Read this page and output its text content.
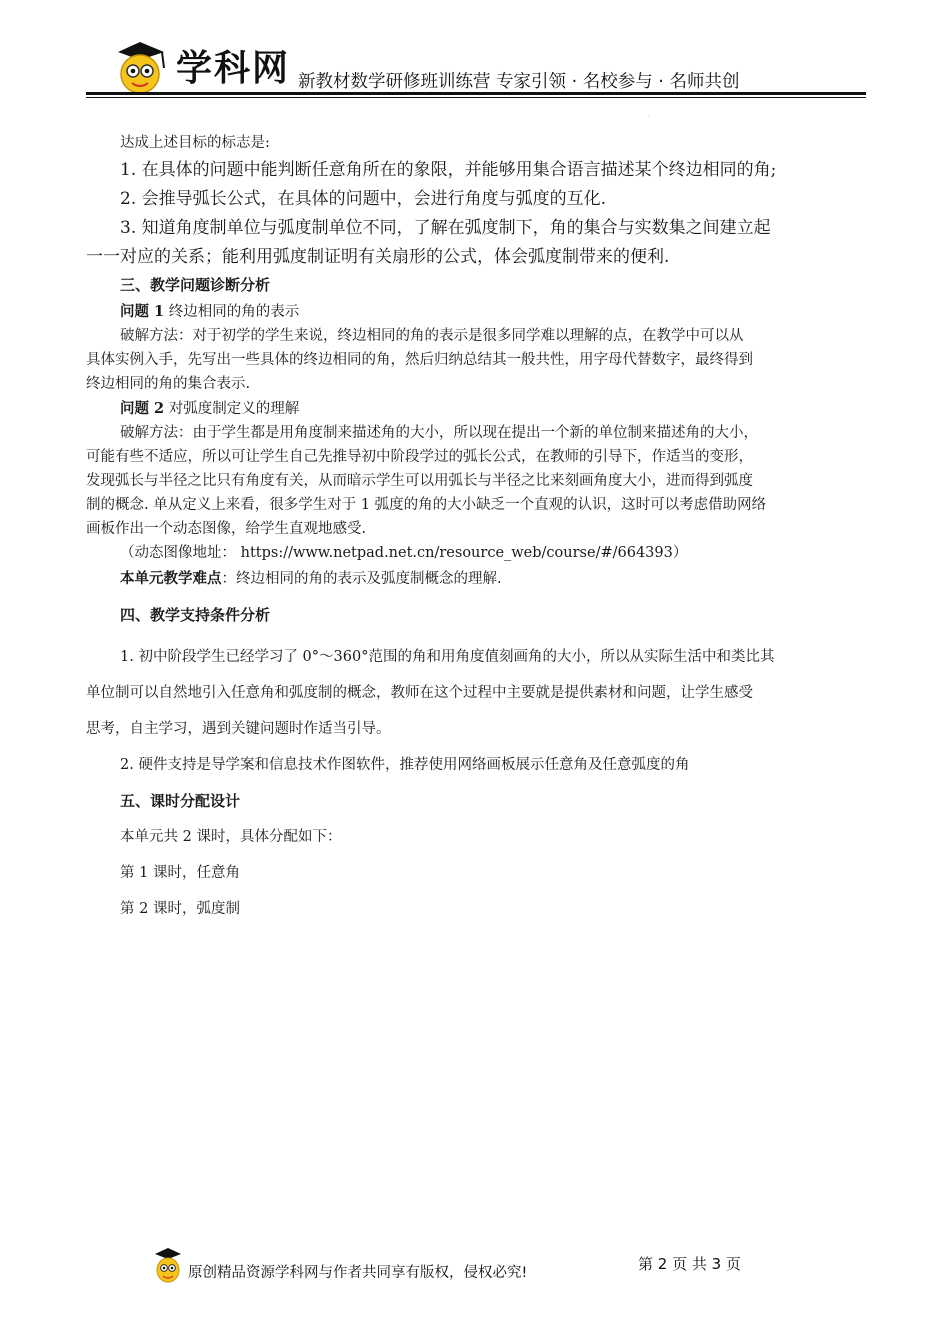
学科网 新教材数学研修班训练营 专家引领 · 名校参与 · 名师共创
.

达成上述目标的标志是:

1. 在具体的问题中能判断任意角所在的象限，并能够用集合语言描述某个终边相同的角;

2. 会推导弧长公式，在具体的问题中，会进行角度与弧度的互化.

3. 知道角度制单位与弧度制单位不同，了解在弧度制下，角的集合与实数集之间建立起

一一对应的关系；能利用弧度制证明有关扇形的公式，体会弧度制带来的便利.

三、教学问题诊断分析

问题 1 终边相同的角的表示

破解方法：对于初学的学生来说，终边相同的角的表示是很多同学难以理解的点，在教学中可以从

具体实例入手，先写出一些具体的终边相同的角，然后归纳总结其一般共性，用字母代替数字，最终得到

终边相同的角的集合表示.

问题 2 对弧度制定义的理解

破解方法：由于学生都是用角度制来描述角的大小，所以现在提出一个新的单位制来描述角的大小，

可能有些不适应，所以可让学生自己先推导初中阶段学过的弧长公式，在教师的引导下，作适当的变形，

发现弧长与半径之比只有角度有关，从而暗示学生可以用弧长与半径之比来刻画角度大小，进而得到弧度

制的概念. 单从定义上来看，很多学生对于 1 弧度的角的大小缺乏一个直观的认识，这时可以考虑借助网络

画板作出一个动态图像，给学生直观地感受.

（动态图像地址： https://www.netpad.net.cn/resource_web/course/#/664393）

本单元教学难点：终边相同的角的表示及弧度制概念的理解.

四、教学支持条件分析

1. 初中阶段学生已经学习了 0°～360°范围的角和用角度值刻画角的大小，所以从实际生活中和类比其

单位制可以自然地引入任意角和弧度制的概念，教师在这个过程中主要就是提供素材和问题，让学生感受

思考，自主学习，遇到关键问题时作适当引导。

2. 硬件支持是导学案和信息技术作图软件，推荐使用网络画板展示任意角及任意弧度的角

五、课时分配设计

本单元共 2 课时，具体分配如下：

第 1 课时，任意角

第 2 课时，弧度制

原创精品资源学科网与作者共同享有版权，侵权必究!	第 2 页 共 3 页
